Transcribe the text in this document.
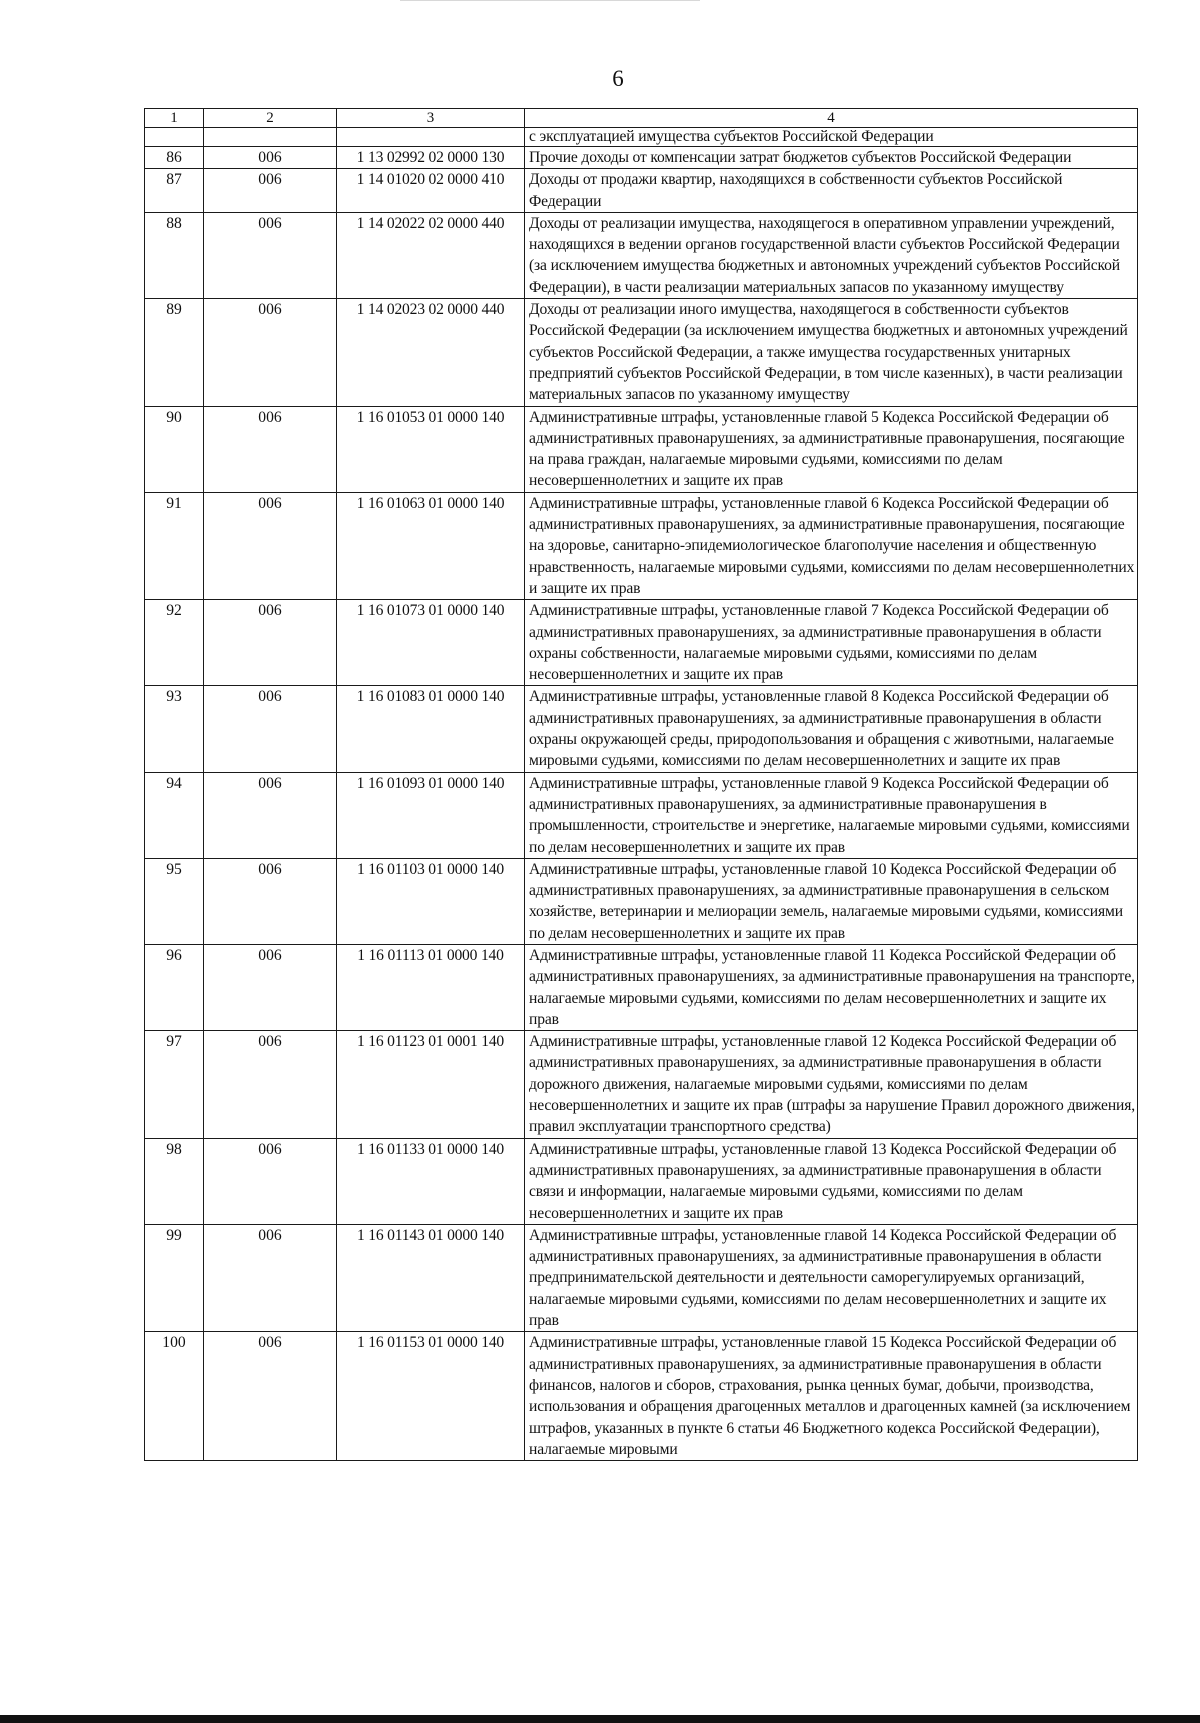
6
1	2	3	4
			с эксплуатацией имущества субъектов Российской Федерации
86	006	1 13 02992 02 0000 130	Прочие доходы от компенсации затрат бюджетов субъектов Российской Федерации
87	006	1 14 01020 02 0000 410	Доходы от продажи квартир, находящихся в собственности субъектов Российской Федерации
88	006	1 14 02022 02 0000 440	Доходы от реализации имущества, находящегося в оперативном управлении учреждений, находящихся в ведении органов государственной власти субъектов Российской Федерации (за исключением имущества бюджетных и автономных учреждений субъектов Российской Федерации), в части реализации материальных запасов по указанному имуществу
89	006	1 14 02023 02 0000 440	Доходы от реализации иного имущества, находящегося в собственности субъектов Российской Федерации (за исключением имущества бюджетных и автономных учреждений субъектов Российской Федерации, а также имущества государственных унитарных предприятий субъектов Российской Федерации, в том числе казенных), в части реализации материальных запасов по указанному имуществу
90	006	1 16 01053 01 0000 140	Административные штрафы, установленные главой 5 Кодекса Российской Федерации об административных правонарушениях, за административные правонарушения, посягающие на права граждан, налагаемые мировыми судьями, комиссиями по делам несовершеннолетних и защите их прав
91	006	1 16 01063 01 0000 140	Административные штрафы, установленные главой 6 Кодекса Российской Федерации об административных правонарушениях, за административные правонарушения, посягающие на здоровье, санитарно-эпидемиологическое благополучие населения и общественную нравственность, налагаемые мировыми судьями, комиссиями по делам несовершеннолетних и защите их прав
92	006	1 16 01073 01 0000 140	Административные штрафы, установленные главой 7 Кодекса Российской Федерации об административных правонарушениях, за административные правонарушения в области охраны собственности, налагаемые мировыми судьями, комиссиями по делам несовершеннолетних и защите их прав
93	006	1 16 01083 01 0000 140	Административные штрафы, установленные главой 8 Кодекса Российской Федерации об административных правонарушениях, за административные правонарушения в области охраны окружающей среды, природопользования и обращения с животными, налагаемые мировыми судьями, комиссиями по делам несовершеннолетних и защите их прав
94	006	1 16 01093 01 0000 140	Административные штрафы, установленные главой 9 Кодекса Российской Федерации об административных правонарушениях, за административные правонарушения в промышленности, строительстве и энергетике, налагаемые мировыми судьями, комиссиями по делам несовершеннолетних и защите их прав
95	006	1 16 01103 01 0000 140	Административные штрафы, установленные главой 10 Кодекса Российской Федерации об административных правонарушениях, за административные правонарушения в сельском хозяйстве, ветеринарии и мелиорации земель, налагаемые мировыми судьями, комиссиями по делам несовершеннолетних и защите их прав
96	006	1 16 01113 01 0000 140	Административные штрафы, установленные главой 11 Кодекса Российской Федерации об административных правонарушениях, за административные правонарушения на транспорте, налагаемые мировыми судьями, комиссиями по делам несовершеннолетних и защите их прав
97	006	1 16 01123 01 0001 140	Административные штрафы, установленные главой 12 Кодекса Российской Федерации об административных правонарушениях, за административные правонарушения в области дорожного движения, налагаемые мировыми судьями, комиссиями по делам несовершеннолетних и защите их прав (штрафы за нарушение Правил дорожного движения, правил эксплуатации транспортного средства)
98	006	1 16 01133 01 0000 140	Административные штрафы, установленные главой 13 Кодекса Российской Федерации об административных правонарушениях, за административные правонарушения в области связи и информации, налагаемые мировыми судьями, комиссиями по делам несовершеннолетних и защите их прав
99	006	1 16 01143 01 0000 140	Административные штрафы, установленные главой 14 Кодекса Российской Федерации об административных правонарушениях, за административные правонарушения в области предпринимательской деятельности и деятельности саморегулируемых организаций, налагаемые мировыми судьями, комиссиями по делам несовершеннолетних и защите их прав
100	006	1 16 01153 01 0000 140	Административные штрафы, установленные главой 15 Кодекса Российской Федерации об административных правонарушениях, за административные правонарушения в области финансов, налогов и сборов, страхования, рынка ценных бумаг, добычи, производства, использования и обращения драгоценных металлов и драгоценных камней (за исключением штрафов, указанных в пункте 6 статьи 46 Бюджетного кодекса Российской Федерации), налагаемые мировыми
